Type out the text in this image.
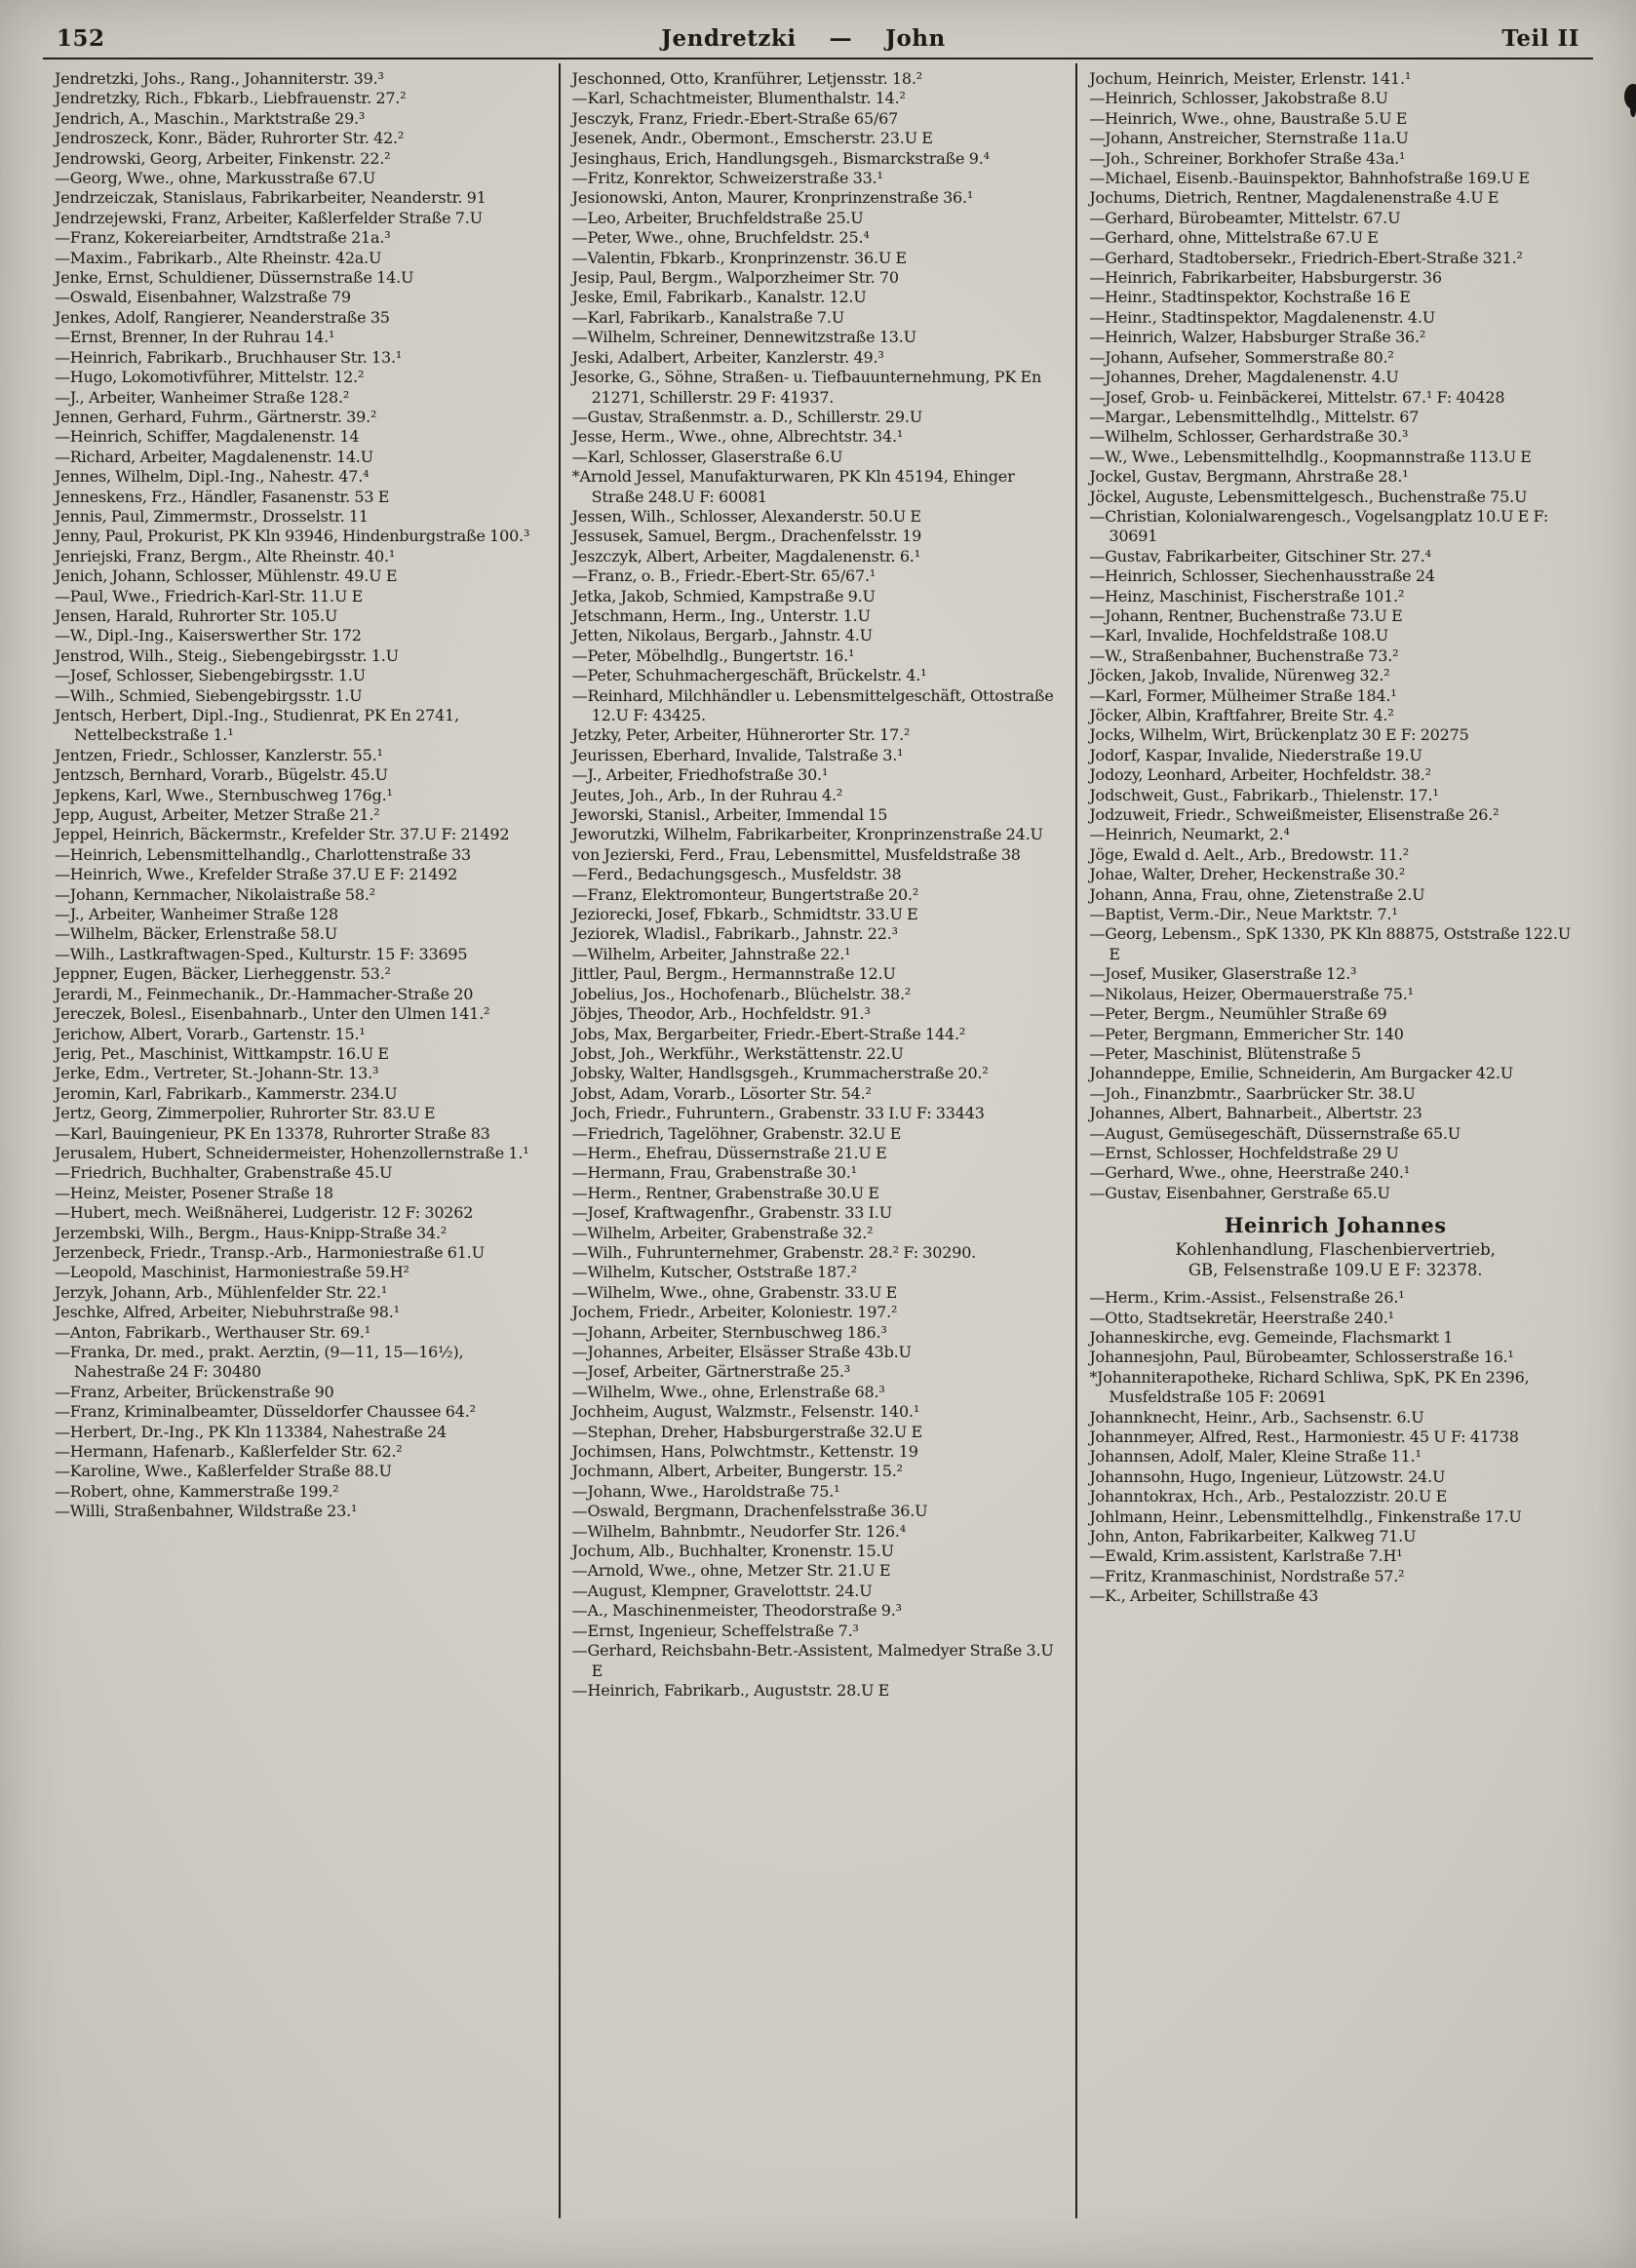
152	Jendretzki — John	Teil II

Jendretzki, Johs., Rang., Johanniterstr. 39.³

Jendretzky, Rich., Fbkarb., Liebfrauenstr. 27.²

Jendrich, A., Maschin., Marktstraße 29.³

Jendroszeck, Konr., Bäder, Ruhrorter Str. 42.²

Jendrowski, Georg, Arbeiter, Finkenstr. 22.²

—Georg, Wwe., ohne, Markusstraße 67.U

Jendrzeiczak, Stanislaus, Fabrikarbeiter, Neanderstr. 91

Jendrzejewski, Franz, Arbeiter, Kaßlerfelder Straße 7.U

—Franz, Kokereiarbeiter, Arndtstraße 21a.³

—Maxim., Fabrikarb., Alte Rheinstr. 42a.U

Jenke, Ernst, Schuldiener, Düssernstraße 14.U

—Oswald, Eisenbahner, Walzstraße 79

Jenkes, Adolf, Rangierer, Neanderstraße 35

—Ernst, Brenner, In der Ruhrau 14.¹

—Heinrich, Fabrikarb., Bruchhauser Str. 13.¹

—Hugo, Lokomotivführer, Mittelstr. 12.²

—J., Arbeiter, Wanheimer Straße 128.²

Jennen, Gerhard, Fuhrm., Gärtnerstr. 39.²

—Heinrich, Schiffer, Magdalenenstr. 14

—Richard, Arbeiter, Magdalenenstr. 14.U

Jennes, Wilhelm, Dipl.-Ing., Nahestr. 47.⁴

Jenneskens, Frz., Händler, Fasanenstr. 53 E

Jennis, Paul, Zimmermstr., Drosselstr. 11

Jenny, Paul, Prokurist, PK Kln 93946, Hindenburgstraße 100.³

Jenriejski, Franz, Bergm., Alte Rheinstr. 40.¹

Jenich, Johann, Schlosser, Mühlenstr. 49.U E

—Paul, Wwe., Friedrich-Karl-Str. 11.U E

Jensen, Harald, Ruhrorter Str. 105.U

—W., Dipl.-Ing., Kaiserswerther Str. 172

Jenstrod, Wilh., Steig., Siebengebirgsstr. 1.U

—Josef, Schlosser, Siebengebirgsstr. 1.U

—Wilh., Schmied, Siebengebirgsstr. 1.U

Jentsch, Herbert, Dipl.-Ing., Studienrat, PK En 2741, Nettelbeckstraße 1.¹

Jentzen, Friedr., Schlosser, Kanzlerstr. 55.¹

Jentzsch, Bernhard, Vorarb., Bügelstr. 45.U

Jepkens, Karl, Wwe., Sternbuschweg 176g.¹

Jepp, August, Arbeiter, Metzer Straße 21.²

Jeppel, Heinrich, Bäckermstr., Krefelder Str. 37.U F: 21492

—Heinrich, Lebensmittelhandlg., Charlottenstraße 33

—Heinrich, Wwe., Krefelder Straße 37.U E F: 21492

—Johann, Kernmacher, Nikolaistraße 58.²

—J., Arbeiter, Wanheimer Straße 128

—Wilhelm, Bäcker, Erlenstraße 58.U

—Wilh., Lastkraftwagen-Sped., Kulturstr. 15 F: 33695

Jeppner, Eugen, Bäcker, Lierheggenstr. 53.²

Jerardi, M., Feinmechanik., Dr.-Hammacher-Straße 20

Jereczek, Bolesl., Eisenbahnarb., Unter den Ulmen 141.²

Jerichow, Albert, Vorarb., Gartenstr. 15.¹

Jerig, Pet., Maschinist, Wittkampstr. 16.U E

Jerke, Edm., Vertreter, St.-Johann-Str. 13.³

Jeromin, Karl, Fabrikarb., Kammerstr. 234.U

Jertz, Georg, Zimmerpolier, Ruhrorter Str. 83.U E

—Karl, Bauingenieur, PK En 13378, Ruhrorter Straße 83

Jerusalem, Hubert, Schneidermeister, Hohenzollernstraße 1.¹

—Friedrich, Buchhalter, Grabenstraße 45.U

—Heinz, Meister, Posener Straße 18

—Hubert, mech. Weißnäherei, Ludgeristr. 12 F: 30262

Jerzembski, Wilh., Bergm., Haus-Knipp-Straße 34.²

Jerzenbeck, Friedr., Transp.-Arb., Harmoniestraße 61.U

—Leopold, Maschinist, Harmoniestraße 59.H²

Jerzyk, Johann, Arb., Mühlenfelder Str. 22.¹

Jeschke, Alfred, Arbeiter, Niebuhrstraße 98.¹

—Anton, Fabrikarb., Werthauser Str. 69.¹

—Franka, Dr. med., prakt. Aerztin, (9—11, 15—16½), Nahestraße 24 F: 30480

—Franz, Arbeiter, Brückenstraße 90

—Franz, Kriminalbeamter, Düsseldorfer Chaussee 64.²

—Herbert, Dr.-Ing., PK Kln 113384, Nahestraße 24

—Hermann, Hafenarb., Kaßlerfelder Str. 62.²

—Karoline, Wwe., Kaßlerfelder Straße 88.U

—Robert, ohne, Kammerstraße 199.²

—Willi, Straßenbahner, Wildstraße 23.¹

Jeschonned, Otto, Kranführer, Letjensstr. 18.²

—Karl, Schachtmeister, Blumenthalstr. 14.²

Jesczyk, Franz, Friedr.-Ebert-Straße 65/67

Jesenek, Andr., Obermont., Emscherstr. 23.U E

Jesinghaus, Erich, Handlungsgeh., Bismarckstraße 9.⁴

—Fritz, Konrektor, Schweizerstraße 33.¹

Jesionowski, Anton, Maurer, Kronprinzenstraße 36.¹

—Leo, Arbeiter, Bruchfeldstraße 25.U

—Peter, Wwe., ohne, Bruchfeldstr. 25.⁴

—Valentin, Fbkarb., Kronprinzenstr. 36.U E

Jesip, Paul, Bergm., Walporzheimer Str. 70

Jeske, Emil, Fabrikarb., Kanalstr. 12.U

—Karl, Fabrikarb., Kanalstraße 7.U

—Wilhelm, Schreiner, Dennewitzstraße 13.U

Jeski, Adalbert, Arbeiter, Kanzlerstr. 49.³

Jesorke, G., Söhne, Straßen- u. Tiefbauunternehmung, PK En 21271, Schillerstr. 29 F: 41937.

—Gustav, Straßenmstr. a. D., Schillerstr. 29.U

Jesse, Herm., Wwe., ohne, Albrechtstr. 34.¹

—Karl, Schlosser, Glaserstraße 6.U

*Arnold Jessel, Manufakturwaren, PK Kln 45194, Ehinger Straße 248.U F: 60081

Jessen, Wilh., Schlosser, Alexanderstr. 50.U E

Jessusek, Samuel, Bergm., Drachenfelsstr. 19

Jeszczyk, Albert, Arbeiter, Magdalenenstr. 6.¹

—Franz, o. B., Friedr.-Ebert-Str. 65/67.¹

Jetka, Jakob, Schmied, Kampstraße 9.U

Jetschmann, Herm., Ing., Unterstr. 1.U

Jetten, Nikolaus, Bergarb., Jahnstr. 4.U

—Peter, Möbelhdlg., Bungertstr. 16.¹

—Peter, Schuhmachergeschäft, Brückelstr. 4.¹

—Reinhard, Milchhändler u. Lebensmittelgeschäft, Ottostraße 12.U F: 43425.

Jetzky, Peter, Arbeiter, Hühnerorter Str. 17.²

Jeurissen, Eberhard, Invalide, Talstraße 3.¹

—J., Arbeiter, Friedhofstraße 30.¹

Jeutes, Joh., Arb., In der Ruhrau 4.²

Jeworski, Stanisl., Arbeiter, Immendal 15

Jeworutzki, Wilhelm, Fabrikarbeiter, Kronprinzenstraße 24.U

von Jezierski, Ferd., Frau, Lebensmittel, Musfeldstraße 38

—Ferd., Bedachungsgesch., Musfeldstr. 38

—Franz, Elektromonteur, Bungertstraße 20.²

Jeziorecki, Josef, Fbkarb., Schmidtstr. 33.U E

Jeziorek, Wladisl., Fabrikarb., Jahnstr. 22.³

—Wilhelm, Arbeiter, Jahnstraße 22.¹

Jittler, Paul, Bergm., Hermannstraße 12.U

Jobelius, Jos., Hochofenarb., Blüchelstr. 38.²

Jöbjes, Theodor, Arb., Hochfeldstr. 91.³

Jobs, Max, Bergarbeiter, Friedr.-Ebert-Straße 144.²

Jobst, Joh., Werkführ., Werkstättenstr. 22.U

Jobsky, Walter, Handlsgsgeh., Krummacherstraße 20.²

Jobst, Adam, Vorarb., Lösorter Str. 54.²

Joch, Friedr., Fuhruntern., Grabenstr. 33 I.U F: 33443

—Friedrich, Tagelöhner, Grabenstr. 32.U E

—Herm., Ehefrau, Düssernstraße 21.U E

—Hermann, Frau, Grabenstraße 30.¹

—Herm., Rentner, Grabenstraße 30.U E

—Josef, Kraftwagenfhr., Grabenstr. 33 I.U

—Wilhelm, Arbeiter, Grabenstraße 32.²

—Wilh., Fuhrunternehmer, Grabenstr. 28.² F: 30290.

—Wilhelm, Kutscher, Oststraße 187.²

—Wilhelm, Wwe., ohne, Grabenstr. 33.U E

Jochem, Friedr., Arbeiter, Koloniestr. 197.²

—Johann, Arbeiter, Sternbuschweg 186.³

—Johannes, Arbeiter, Elsässer Straße 43b.U

—Josef, Arbeiter, Gärtnerstraße 25.³

—Wilhelm, Wwe., ohne, Erlenstraße 68.³

Jochheim, August, Walzmstr., Felsenstr. 140.¹

—Stephan, Dreher, Habsburgerstraße 32.U E

Jochimsen, Hans, Polwchtmstr., Kettenstr. 19

Jochmann, Albert, Arbeiter, Bungerstr. 15.²

—Johann, Wwe., Haroldstraße 75.¹

—Oswald, Bergmann, Drachenfelsstraße 36.U

—Wilhelm, Bahnbmtr., Neudorfer Str. 126.⁴

Jochum, Alb., Buchhalter, Kronenstr. 15.U

—Arnold, Wwe., ohne, Metzer Str. 21.U E

—August, Klempner, Gravelottstr. 24.U

—A., Maschinenmeister, Theodorstraße 9.³

—Ernst, Ingenieur, Scheffelstraße 7.³

—Gerhard, Reichsbahn-Betr.-Assistent, Malmedyer Straße 3.U E

—Heinrich, Fabrikarb., Auguststr. 28.U E

Jochum, Heinrich, Meister, Erlenstr. 141.¹

—Heinrich, Schlosser, Jakobstraße 8.U

—Heinrich, Wwe., ohne, Baustraße 5.U E

—Johann, Anstreicher, Sternstraße 11a.U

—Joh., Schreiner, Borkhofer Straße 43a.¹

—Michael, Eisenb.-Bauinspektor, Bahnhofstraße 169.U E

Jochums, Dietrich, Rentner, Magdalenenstraße 4.U E

—Gerhard, Bürobeamter, Mittelstr. 67.U

—Gerhard, ohne, Mittelstraße 67.U E

—Gerhard, Stadtobersekr., Friedrich-Ebert-Straße 321.²

—Heinrich, Fabrikarbeiter, Habsburgerstr. 36

—Heinr., Stadtinspektor, Kochstraße 16 E

—Heinr., Stadtinspektor, Magdalenenstr. 4.U

—Heinrich, Walzer, Habsburger Straße 36.²

—Johann, Aufseher, Sommerstraße 80.²

—Johannes, Dreher, Magdalenenstr. 4.U

—Josef, Grob- u. Feinbäckerei, Mittelstr. 67.¹ F: 40428

—Margar., Lebensmittelhdlg., Mittelstr. 67

—Wilhelm, Schlosser, Gerhardstraße 30.³

—W., Wwe., Lebensmittelhdlg., Koopmannstraße 113.U E

Jockel, Gustav, Bergmann, Ahrstraße 28.¹

Jöckel, Auguste, Lebensmittelgesch., Buchenstraße 75.U

—Christian, Kolonialwarengesch., Vogelsangplatz 10.U E F: 30691

—Gustav, Fabrikarbeiter, Gitschiner Str. 27.⁴

—Heinrich, Schlosser, Siechenhausstraße 24

—Heinz, Maschinist, Fischerstraße 101.²

—Johann, Rentner, Buchenstraße 73.U E

—Karl, Invalide, Hochfeldstraße 108.U

—W., Straßenbahner, Buchenstraße 73.²

Jöcken, Jakob, Invalide, Nürenweg 32.²

—Karl, Former, Mülheimer Straße 184.¹

Jöcker, Albin, Kraftfahrer, Breite Str. 4.²

Jocks, Wilhelm, Wirt, Brückenplatz 30 E F: 20275

Jodorf, Kaspar, Invalide, Niederstraße 19.U

Jodozy, Leonhard, Arbeiter, Hochfeldstr. 38.²

Jodschweit, Gust., Fabrikarb., Thielenstr. 17.¹

Jodzuweit, Friedr., Schweißmeister, Elisenstraße 26.²

—Heinrich, Neumarkt, 2.⁴

Jöge, Ewald d. Aelt., Arb., Bredowstr. 11.²

Johae, Walter, Dreher, Heckenstraße 30.²

Johann, Anna, Frau, ohne, Zietenstraße 2.U

—Baptist, Verm.-Dir., Neue Marktstr. 7.¹

—Georg, Lebensm., SpK 1330, PK Kln 88875, Oststraße 122.U E

—Josef, Musiker, Glaserstraße 12.³

—Nikolaus, Heizer, Obermauerstraße 75.¹

—Peter, Bergm., Neumühler Straße 69

—Peter, Bergmann, Emmericher Str. 140

—Peter, Maschinist, Blütenstraße 5

Johanndeppe, Emilie, Schneiderin, Am Burgacker 42.U

—Joh., Finanzbmtr., Saarbrücker Str. 38.U

Johannes, Albert, Bahnarbeit., Albertstr. 23

—August, Gemüsegeschäft, Düssernstraße 65.U

—Ernst, Schlosser, Hochfeldstraße 29 U

—Gerhard, Wwe., ohne, Heerstraße 240.¹

—Gustav, Eisenbahner, Gerstraße 65.U

Heinrich Johannes

Kohlenhandlung, Flaschenbiervertrieb,

GB, Felsenstraße 109.U E F: 32378.

—Herm., Krim.-Assist., Felsenstraße 26.¹

—Otto, Stadtsekretär, Heerstraße 240.¹

Johanneskirche, evg. Gemeinde, Flachsmarkt 1

Johannesjohn, Paul, Bürobeamter, Schlosserstraße 16.¹

*Johanniterapotheke, Richard Schliwa, SpK, PK En 2396, Musfeldstraße 105 F: 20691

Johannknecht, Heinr., Arb., Sachsenstr. 6.U

Johannmeyer, Alfred, Rest., Harmoniestr. 45 U F: 41738

Johannsen, Adolf, Maler, Kleine Straße 11.¹

Johannsohn, Hugo, Ingenieur, Lützowstr. 24.U

Johanntokrax, Hch., Arb., Pestalozzistr. 20.U E

Johlmann, Heinr., Lebensmittelhdlg., Finkenstraße 17.U

John, Anton, Fabrikarbeiter, Kalkweg 71.U

—Ewald, Krim.assistent, Karlstraße 7.H¹

—Fritz, Kranmaschinist, Nordstraße 57.²

—K., Arbeiter, Schillstraße 43
